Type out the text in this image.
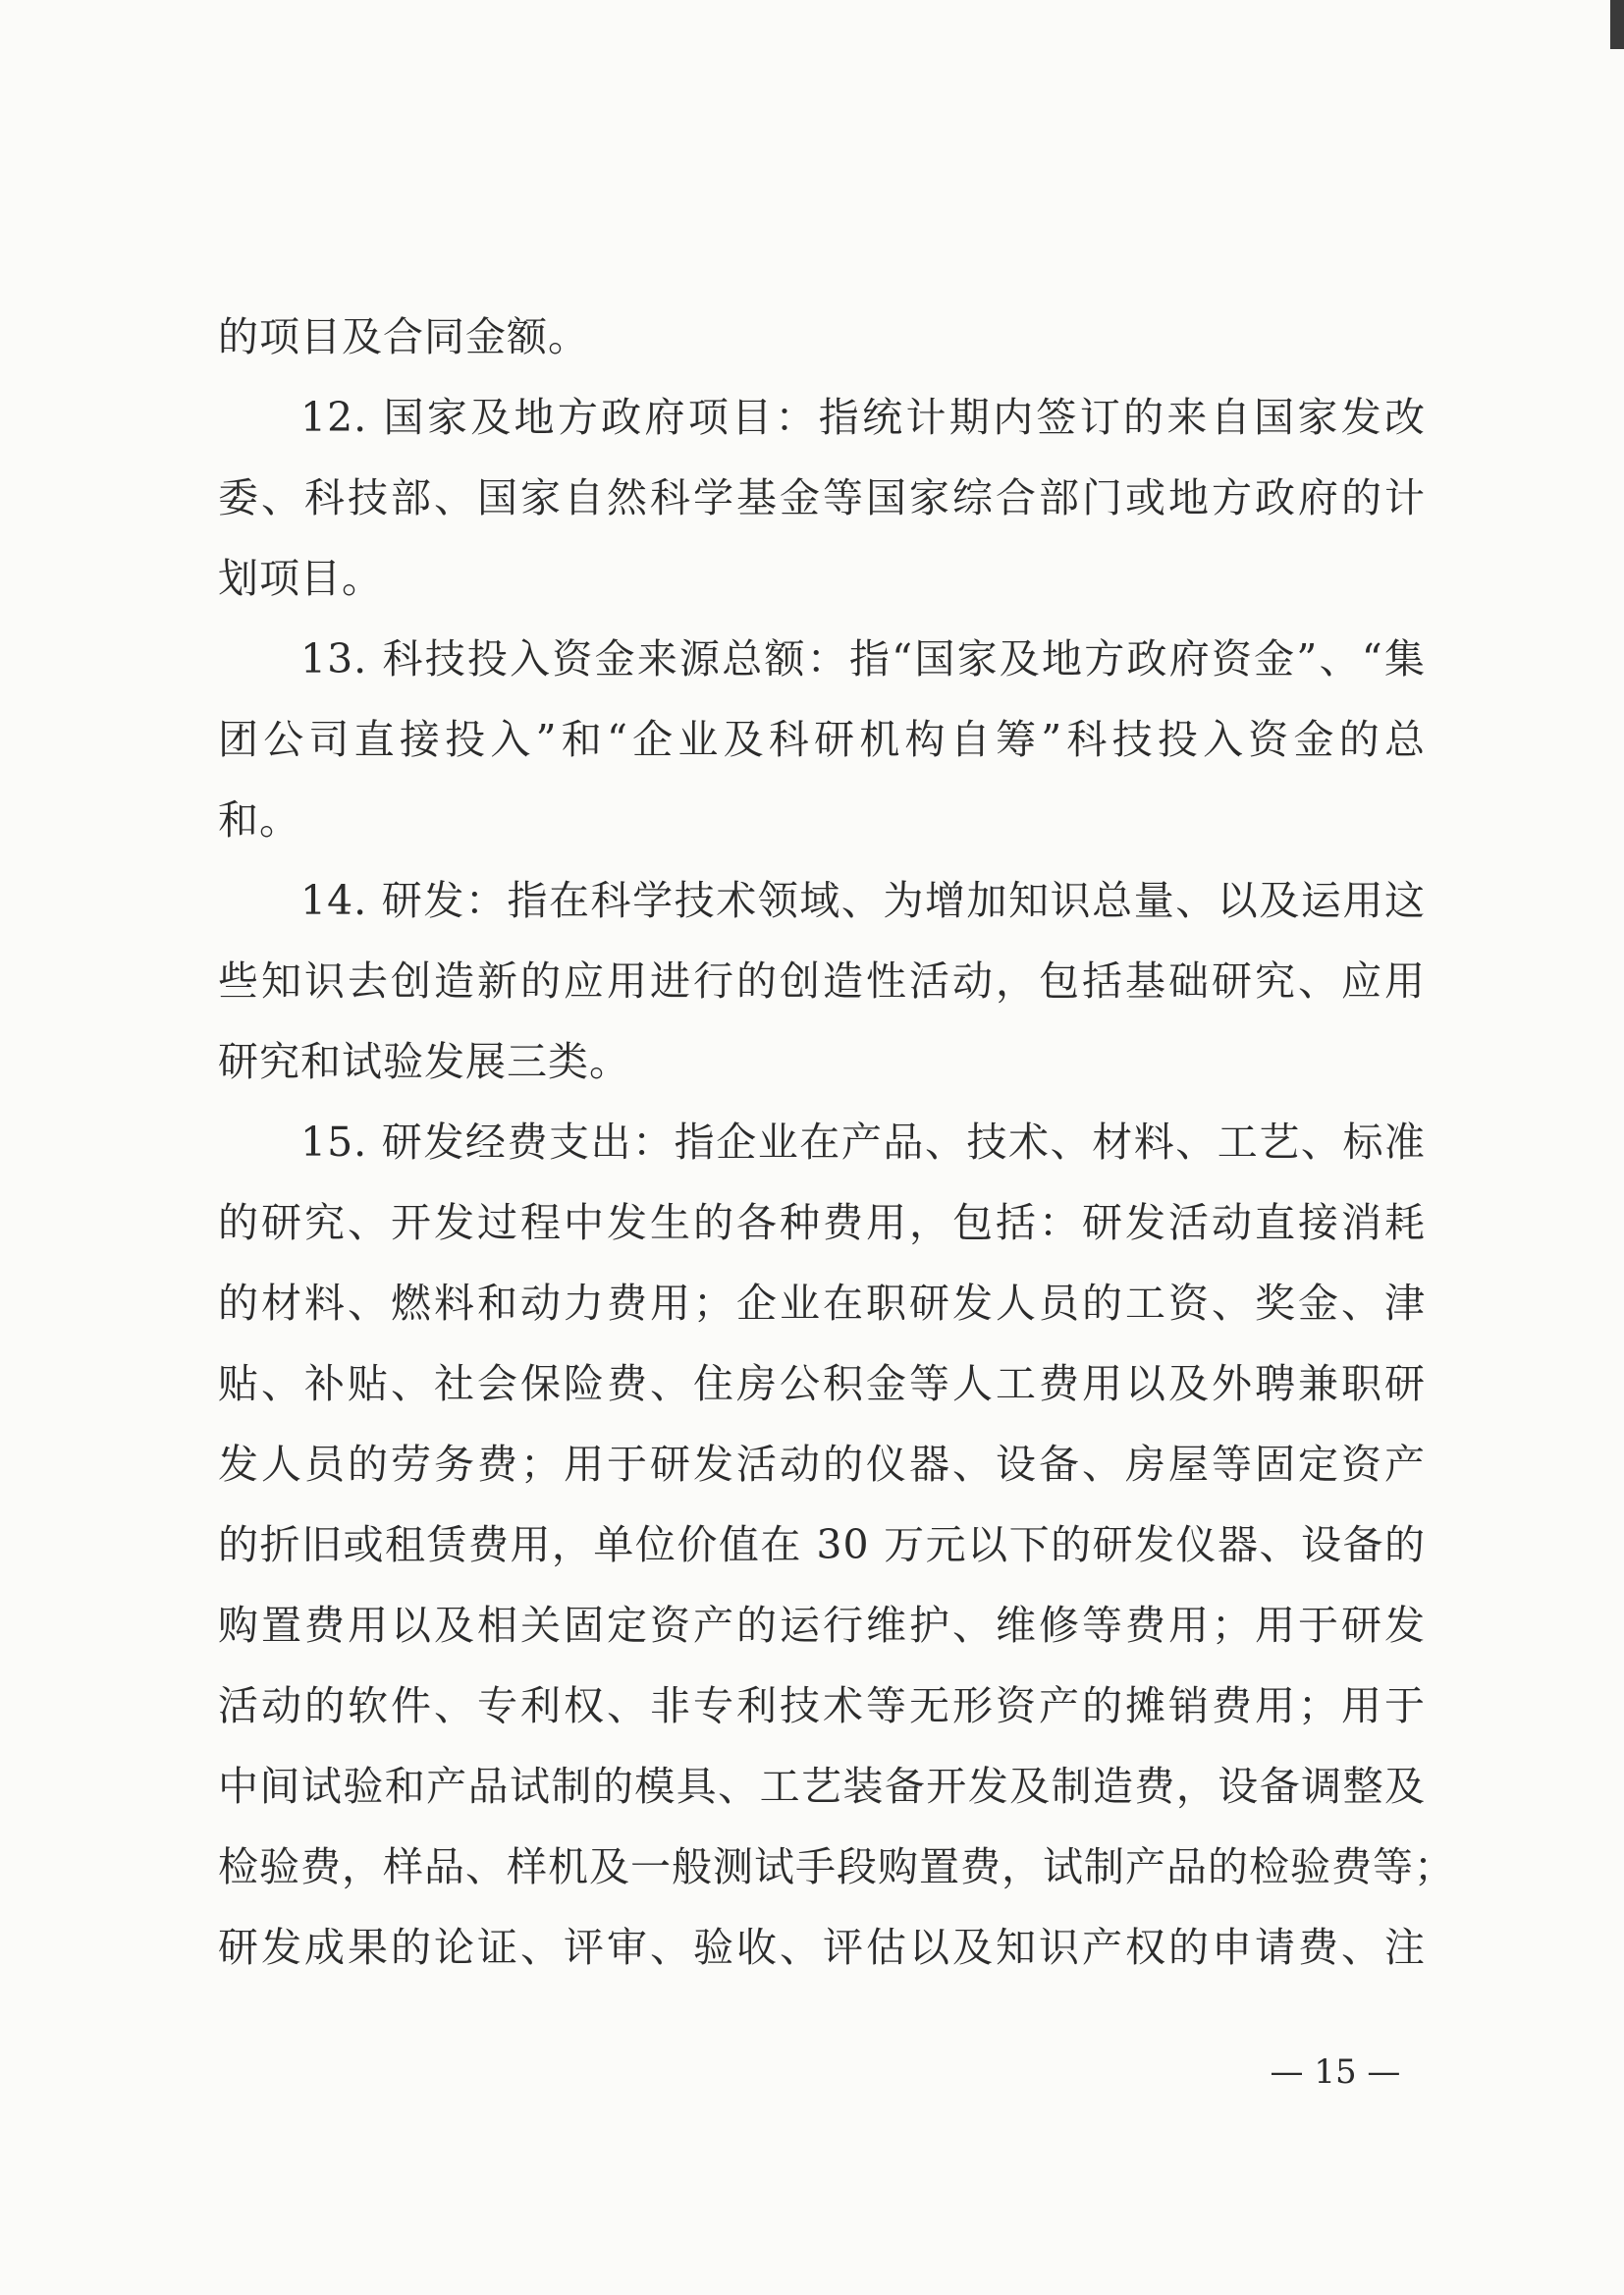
的项目及合同金额。
12. 国家及地方政府项目：指统计期内签订的来自国家发改
委、科技部、国家自然科学基金等国家综合部门或地方政府的计
划项目。
13. 科技投入资金来源总额：指“国家及地方政府资金”、“集
团公司直接投入”和“企业及科研机构自筹”科技投入资金的总
和。
14. 研发：指在科学技术领域、为增加知识总量、以及运用这
些知识去创造新的应用进行的创造性活动，包括基础研究、应用
研究和试验发展三类。
15. 研发经费支出：指企业在产品、技术、材料、工艺、标准
的研究、开发过程中发生的各种费用，包括：研发活动直接消耗
的材料、燃料和动力费用；企业在职研发人员的工资、奖金、津
贴、补贴、社会保险费、住房公积金等人工费用以及外聘兼职研
发人员的劳务费；用于研发活动的仪器、设备、房屋等固定资产
的折旧或租赁费用，单位价值在 30 万元以下的研发仪器、设备的
购置费用以及相关固定资产的运行维护、维修等费用；用于研发
活动的软件、专利权、非专利技术等无形资产的摊销费用；用于
中间试验和产品试制的模具、工艺装备开发及制造费，设备调整及
检验费，样品、样机及一般测试手段购置费，试制产品的检验费等；
研发成果的论证、评审、验收、评估以及知识产权的申请费、注
— 15 —
